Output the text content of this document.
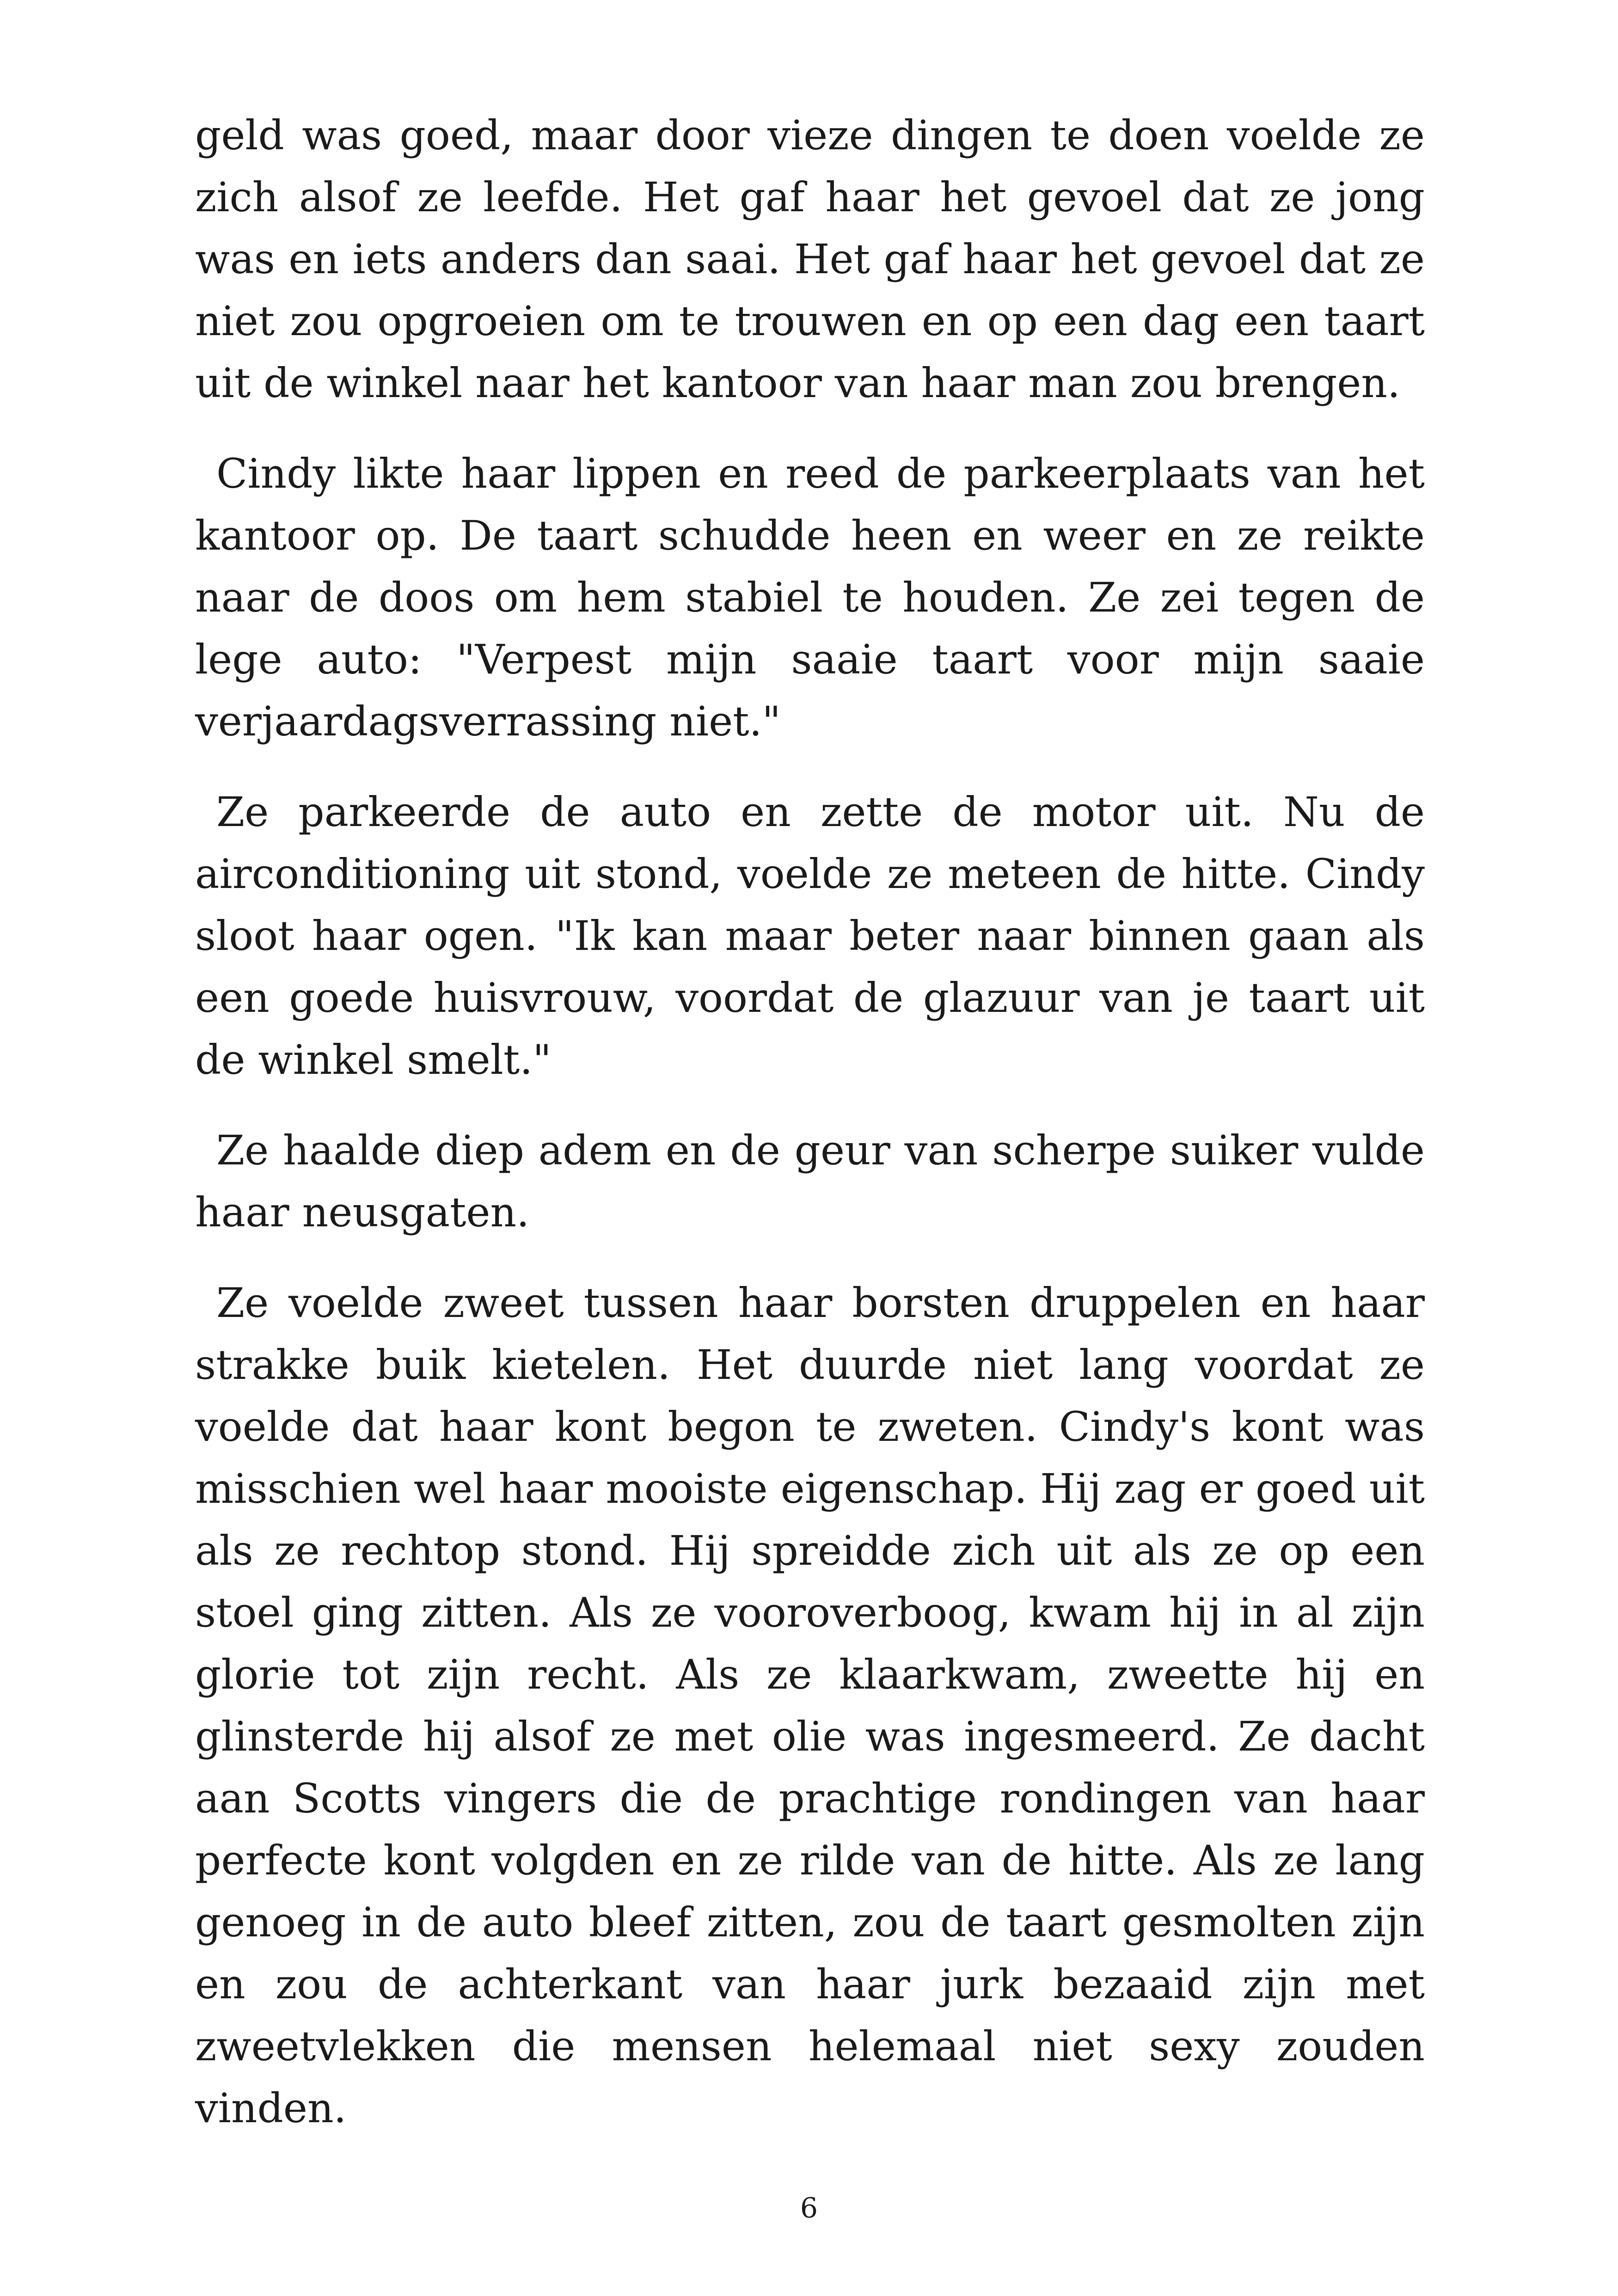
geld was goed, maar door vieze dingen te doen voelde ze zich alsof ze leefde. Het gaf haar het gevoel dat ze jong was en iets anders dan saai. Het gaf haar het gevoel dat ze niet zou opgroeien om te trouwen en op een dag een taart uit de winkel naar het kantoor van haar man zou brengen.

Cindy likte haar lippen en reed de parkeerplaats van het kantoor op. De taart schudde heen en weer en ze reikte naar de doos om hem stabiel te houden. Ze zei tegen de lege auto: "Verpest mijn saaie taart voor mijn saaie verjaardagsverrassing niet."

Ze parkeerde de auto en zette de motor uit. Nu de airconditioning uit stond, voelde ze meteen de hitte. Cindy sloot haar ogen. "Ik kan maar beter naar binnen gaan als een goede huisvrouw, voordat de glazuur van je taart uit de winkel smelt."

Ze haalde diep adem en de geur van scherpe suiker vulde haar neusgaten.

Ze voelde zweet tussen haar borsten druppelen en haar strakke buik kietelen. Het duurde niet lang voordat ze voelde dat haar kont begon te zweten. Cindy's kont was misschien wel haar mooiste eigenschap. Hij zag er goed uit als ze rechtop stond. Hij spreidde zich uit als ze op een stoel ging zitten. Als ze vooroverboog, kwam hij in al zijn glorie tot zijn recht. Als ze klaarkwam, zweette hij en glinsterde hij alsof ze met olie was ingesmeerd. Ze dacht aan Scotts vingers die de prachtige rondingen van haar perfecte kont volgden en ze rilde van de hitte. Als ze lang genoeg in de auto bleef zitten, zou de taart gesmolten zijn en zou de achterkant van haar jurk bezaaid zijn met zweetvlekken die mensen helemaal niet sexy zouden vinden.

6
